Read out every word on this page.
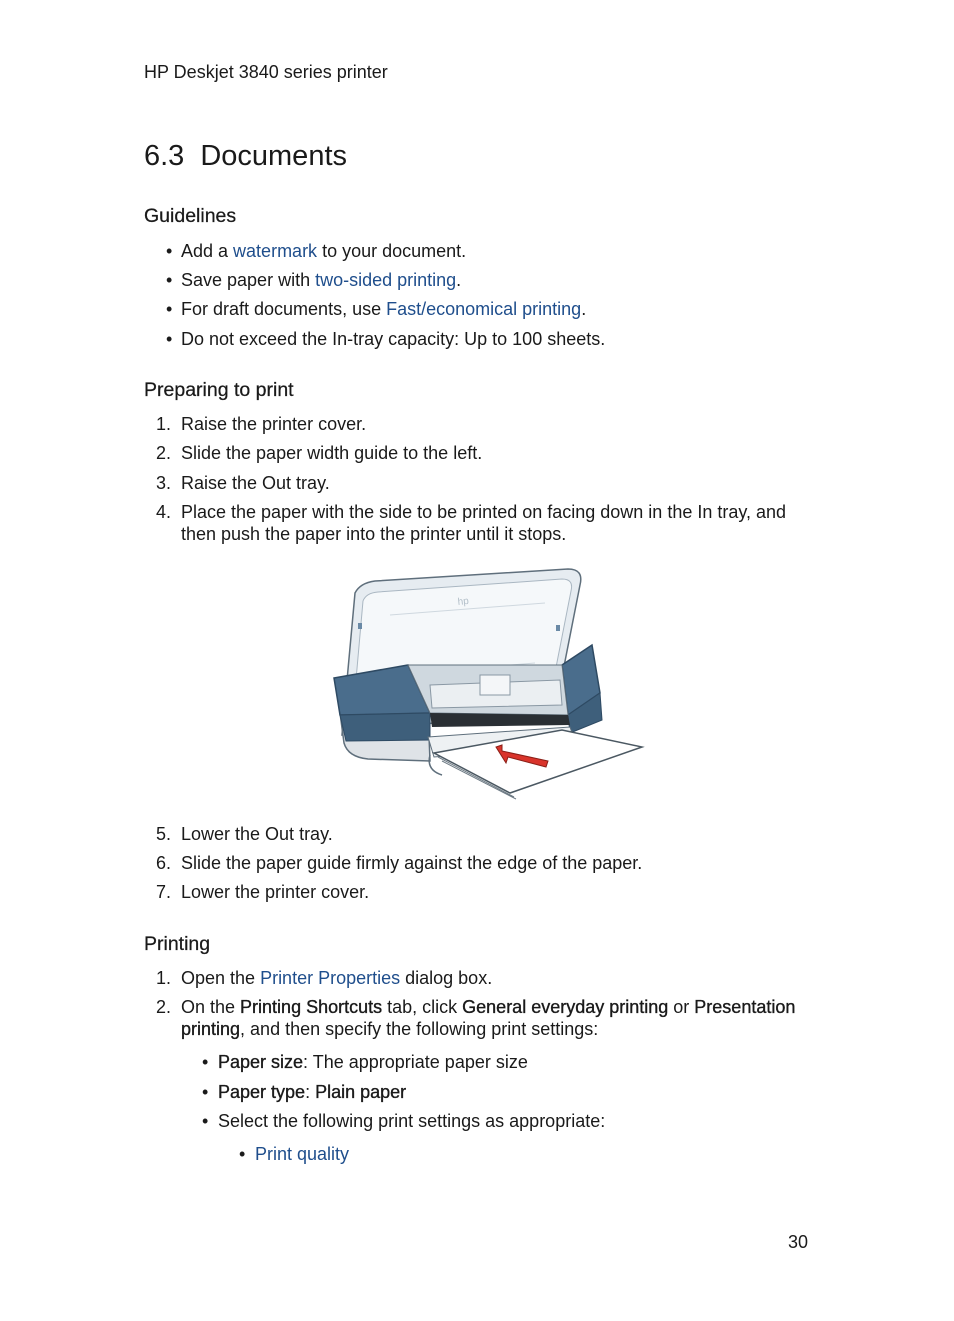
HP Deskjet 3840 series printer
6.3 Documents
Guidelines
• Add a watermark to your document.
• Save paper with two-sided printing.
• For draft documents, use Fast/economical printing.
• Do not exceed the In-tray capacity: Up to 100 sheets.
Preparing to print
1. Raise the printer cover.
2. Slide the paper width guide to the left.
3. Raise the Out tray.
4. Place the paper with the side to be printed on facing down in the In tray, and
then push the paper into the printer until it stops.
hp
5. Lower the Out tray.
6. Slide the paper guide firmly against the edge of the paper.
7. Lower the printer cover.
Printing
1. Open the Printer Properties dialog box.
2. On the Printing Shortcuts tab, click General everyday printing or Presentation
printing, and then specify the following print settings:
• Paper size: The appropriate paper size
• Paper type: Plain paper
• Select the following print settings as appropriate:
• Print quality
30
